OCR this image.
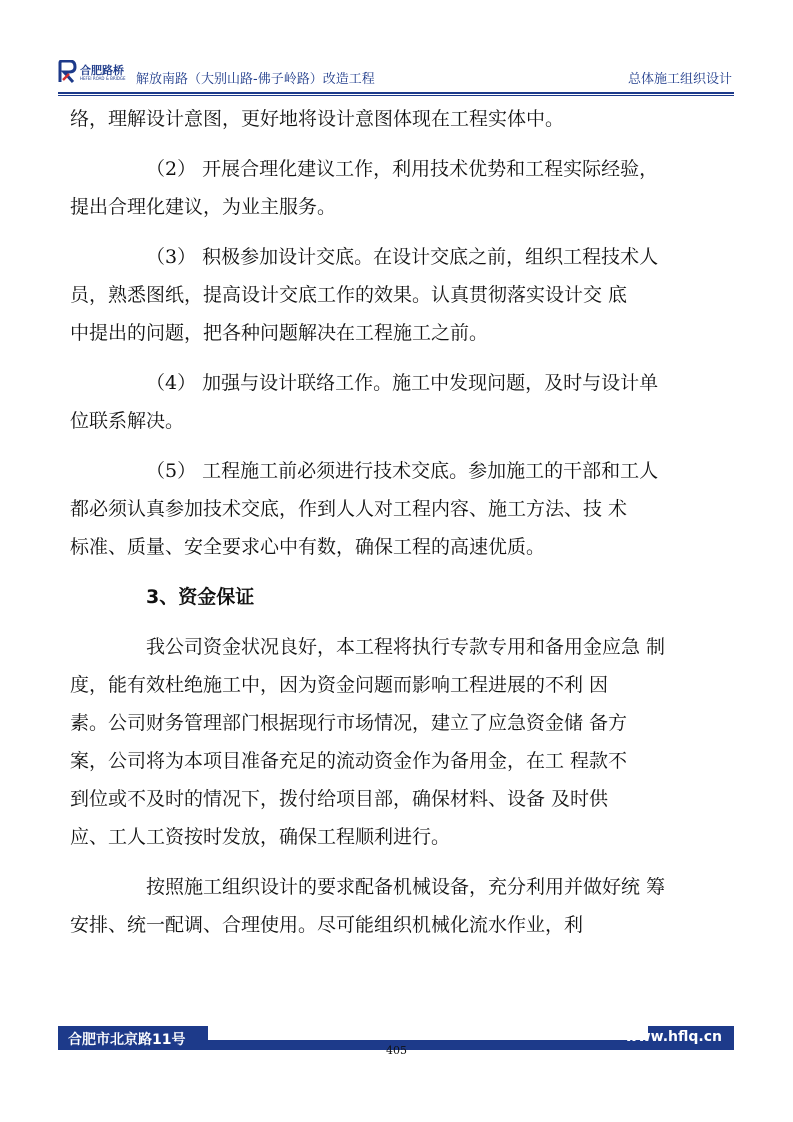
合肥路桥
HEFEI ROAD & BRIDGE 解放南路（大别山路-佛子岭路）改造工程	总体施工组织设计
络，理解设计意图，更好地将设计意图体现在工程实体中。
（2） 开展合理化建议工作，利用技术优势和工程实际经验，
提出合理化建议，为业主服务。
（3） 积极参加设计交底。在设计交底之前，组织工程技术人
员，熟悉图纸，提高设计交底工作的效果。认真贯彻落实设计交 底
中提出的问题，把各种问题解决在工程施工之前。
（4） 加强与设计联络工作。施工中发现问题，及时与设计单
位联系解决。
（5） 工程施工前必须进行技术交底。参加施工的干部和工人
都必须认真参加技术交底，作到人人对工程内容、施工方法、技 术
标准、质量、安全要求心中有数，确保工程的高速优质。
3、资金保证
我公司资金状况良好，本工程将执行专款专用和备用金应急 制
度，能有效杜绝施工中，因为资金问题而影响工程进展的不利 因
素。公司财务管理部门根据现行市场情况，建立了应急资金储 备方
案，公司将为本项目准备充足的流动资金作为备用金，在工 程款不
到位或不及时的情况下，拨付给项目部，确保材料、设备 及时供
应、工人工资按时发放，确保工程顺利进行。
按照施工组织设计的要求配备机械设备，充分利用并做好统 筹
安排、统一配调、合理使用。尽可能组织机械化流水作业，利
合肥市北京路11号	www.hflq.cn
405
